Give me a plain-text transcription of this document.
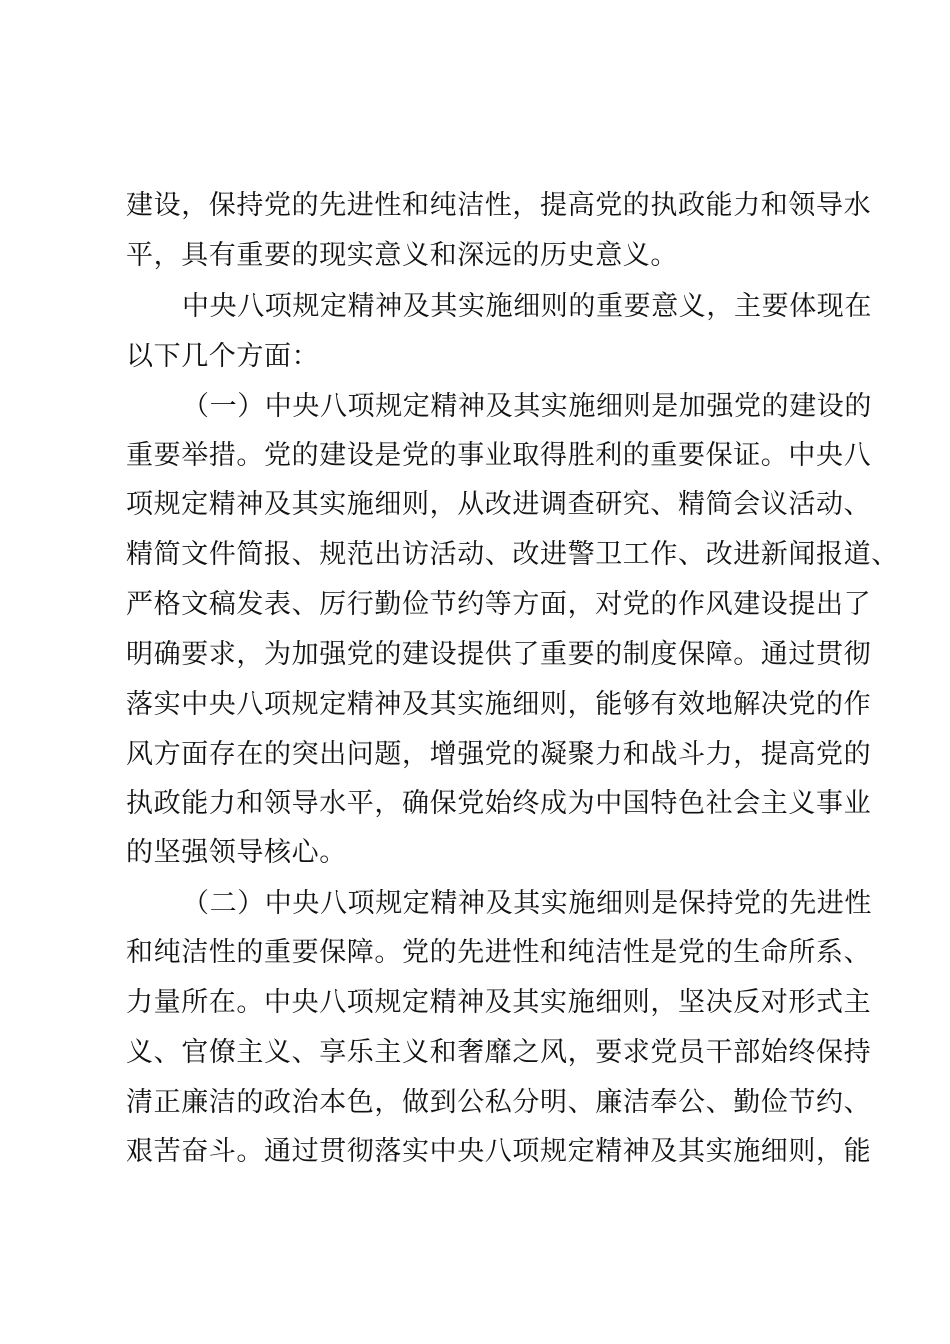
建设，保持党的先进性和纯洁性，提高党的执政能力和领导水
平，具有重要的现实意义和深远的历史意义。
中央八项规定精神及其实施细则的重要意义，主要体现在
以下几个方面：
（一）中央八项规定精神及其实施细则是加强党的建设的
重要举措。党的建设是党的事业取得胜利的重要保证。中央八
项规定精神及其实施细则，从改进调查研究、精简会议活动、
精简文件简报、规范出访活动、改进警卫工作、改进新闻报道、
严格文稿发表、厉行勤俭节约等方面，对党的作风建设提出了
明确要求，为加强党的建设提供了重要的制度保障。通过贯彻
落实中央八项规定精神及其实施细则，能够有效地解决党的作
风方面存在的突出问题，增强党的凝聚力和战斗力，提高党的
执政能力和领导水平，确保党始终成为中国特色社会主义事业
的坚强领导核心。
（二）中央八项规定精神及其实施细则是保持党的先进性
和纯洁性的重要保障。党的先进性和纯洁性是党的生命所系、
力量所在。中央八项规定精神及其实施细则，坚决反对形式主
义、官僚主义、享乐主义和奢靡之风，要求党员干部始终保持
清正廉洁的政治本色，做到公私分明、廉洁奉公、勤俭节约、
艰苦奋斗。通过贯彻落实中央八项规定精神及其实施细则，能
